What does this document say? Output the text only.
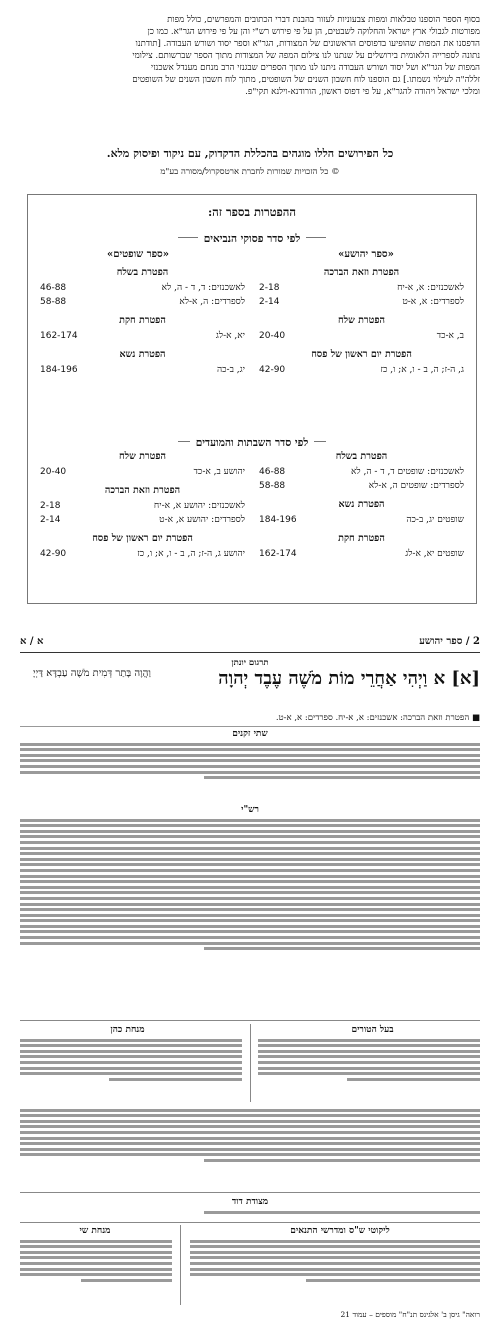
בסוף הספר הוספנו טבלאות ומפות צבעוניות לעזור בהבנת דברי הכתובים והמפרשים, כולל מפות
מפורטות לגבולי ארץ ישראל והחלוקה לשבטים, הן על פי פירוש רש"י והן על פי פירוש הגר"א. כמו כן
הדפסנו את המפות שהופיעו בדפוסים הראשונים של המצודות, הגר"א וספר יסוד ושורש העבודה. [תודתנו
נתונה לספרייה הלאומית בירושלים על שנתנו לנו צילום המפה של המצודות מתוך הספר שברשותם. צילומי
המפות של הגר"א ושל יסוד ושורש העבודה ניתנו לנו מתוך הספרים שבגנזי הרב מנחם מענדל אשכנזי
זללה"ה לעילוי נשמתו.] גם הוספנו לוח חשבון השנים של השופטים, מתוך לוח חשבון השנים של השופטים
ומלכי ישראל ויהודה להגר"א, על פי דפוס ראשון, הורודנא-וילנא תקי"פ.
כל הפירושים הללו מוגהים בהכללת הדקדוק, עם ניקוד ופיסוק מלא.
© כל הזכויות שמורות לחברת ארטסקרול/מסורה בע"מ
ההפטרות בספר זה:
לפי סדר פסוקי הנביאים
«ספר יהושע»
«ספר שופטים»
הפטרת וזאת הברכה
לאשכנזים: א, א-יח
2-18
לספרדים: א, א-ט
2-14
הפטרת שלח
ב, א-כד
20-40
הפטרת יום ראשון של פסח
ג, ה-ז; ה, ב - ו, א; ו, כז
42-90
הפטרת בשלח
לאשכנזים: ד, ד - ה, לא
46-88
לספרדים: ה, א-לא
58-88
הפטרת חקת
יא, א-לג
162-174
הפטרת נשא
יג, ב-כה
184-196
לפי סדר השבתות והמועדים
הפטרת בשלח
לאשכנזים: שופטים ד, ד - ה, לא
46-88
לספרדים: שופטים ה, א-לא
58-88
הפטרת נשא
שופטים יג, ב-כה
184-196
הפטרת חקת
שופטים יא, א-לג
162-174
הפטרת שלח
יהושע ב, א-כד
20-40
הפטרת וזאת הברכה
לאשכנזים: יהושע א, א-יח
2-18
לספרדים: יהושע א, א-ט
2-14
הפטרת יום ראשון של פסח
יהושע ג, ה-ז; ה, ב - ו, א; ו, כז
42-90
א / א	2 / ספר יהושע
תרגום יונתן
[א] א וַיְהִי אַחֲרֵי מוֹת מֹשֶׁה עֶבֶד יְהוָה
וַהֲוָה בָּתַר דְּמִית מֹשֶׁה עַבְדָּא דַּיְיָ
■ הפטרת וזאת הברכה: אשכנזים: א, א-יח. ספרדים: א, א-ט.
שתי זקנים
רש"י
בעל הטורים
מנחת כהן
מצודת דוד
ליקוטי ש"ס ומדרשי התנאים
מנחת שי
רואה" גיסן ב' אלגינס תנ"ח" מוספים – עמוד 21
